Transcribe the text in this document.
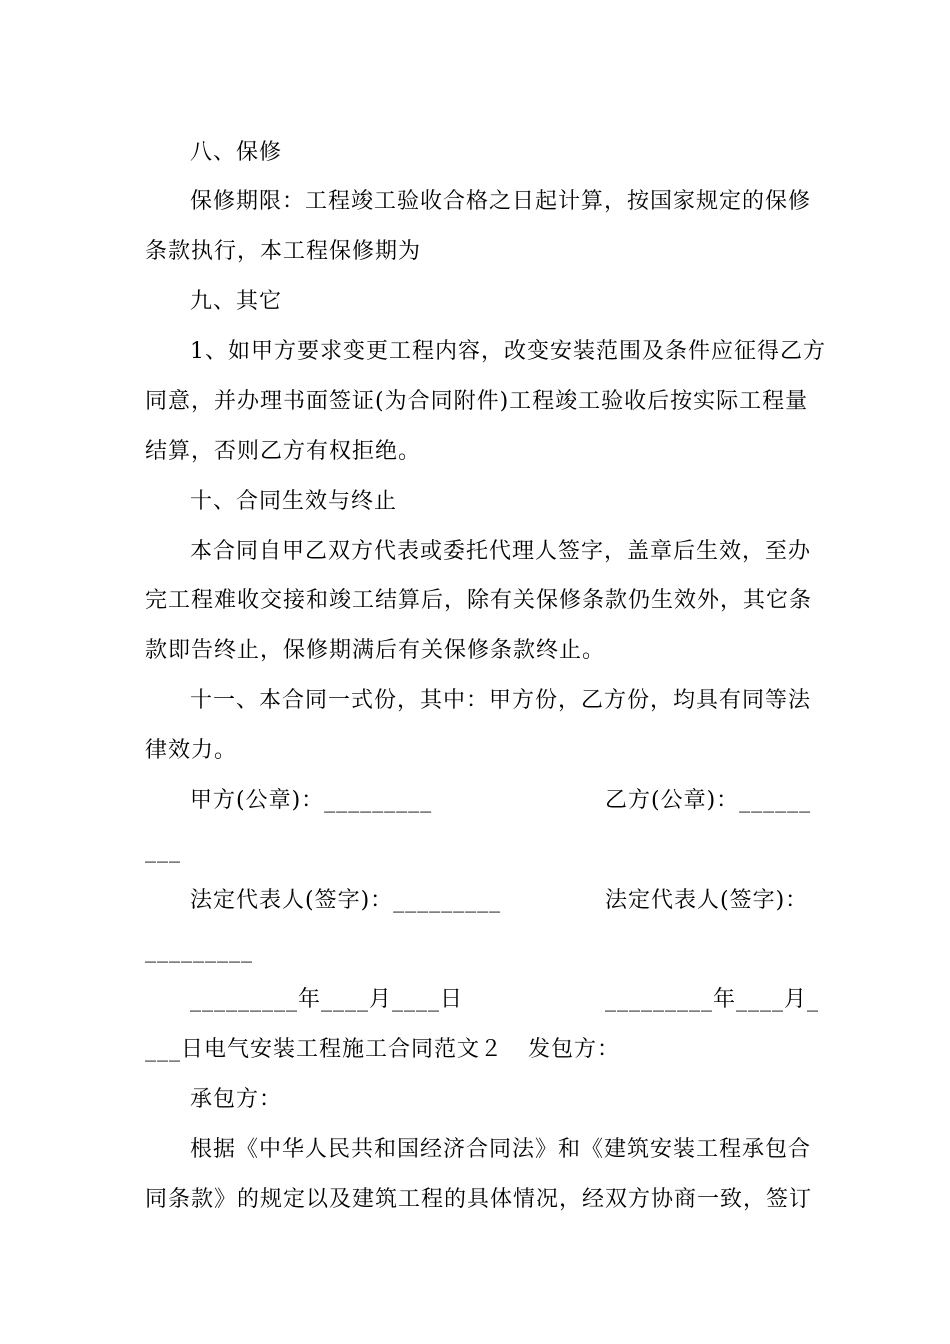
八、保修
保修期限：工程竣工验收合格之日起计算，按国家规定的保修
条款执行，本工程保修期为
九、其它
1、如甲方要求变更工程内容，改变安装范围及条件应征得乙方
同意，并办理书面签证(为合同附件)工程竣工验收后按实际工程量
结算，否则乙方有权拒绝。
十、合同生效与终止
本合同自甲乙双方代表或委托代理人签字，盖章后生效，至办
完工程难收交接和竣工结算后，除有关保修条款仍生效外，其它条
款即告终止，保修期满后有关保修条款终止。
十一、本合同一式份，其中：甲方份，乙方份，均具有同等法
律效力。
甲方(公章)：_________	乙方(公章)：______
___
法定代表人(签字)：_________	法定代表人(签字)：
_________
_________年____月____日	_________年____月_
___日电气安装工程施工合同范文２ 发包方：
承包方：
根据《中华人民共和国经济合同法》和《建筑安装工程承包合
同条款》的规定以及建筑工程的具体情况，经双方协商一致，签订
